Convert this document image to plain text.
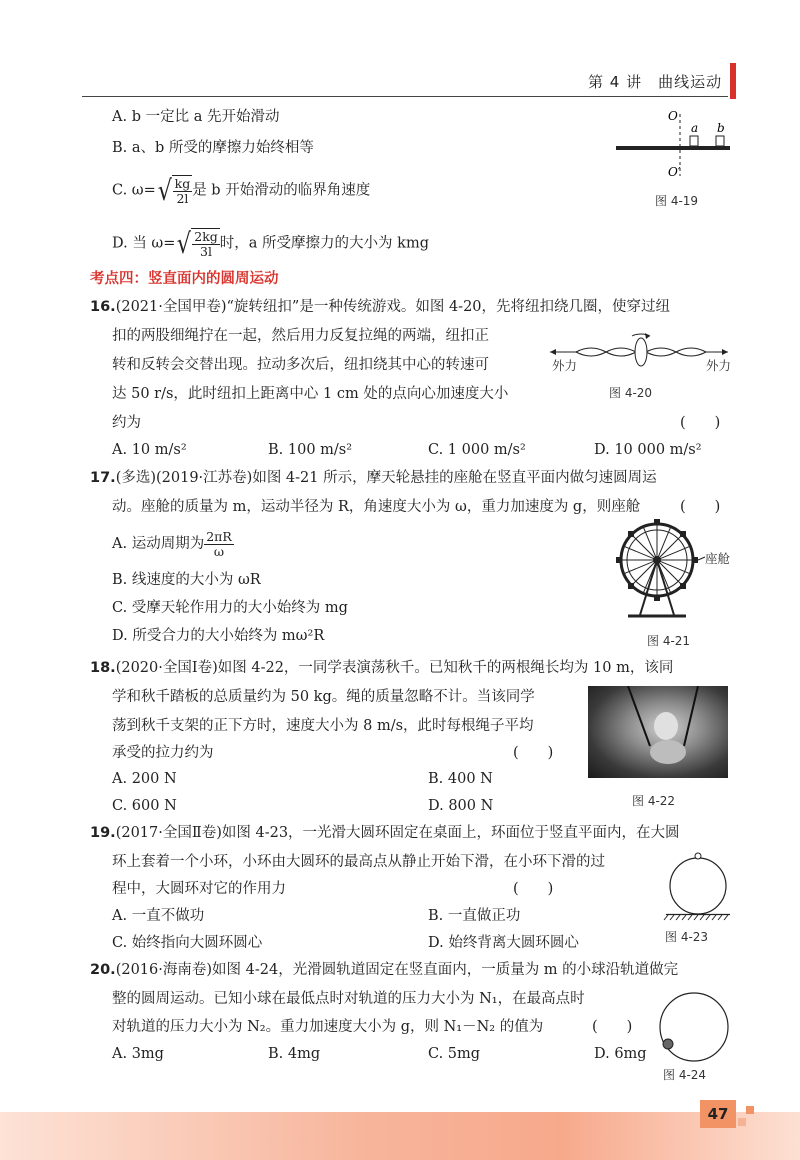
第 4 讲　曲线运动
A. b 一定比 a 先开始滑动
B. a、b 所受的摩擦力始终相等
C. $\omega=√ \frac{kg}{2l}$ 是 b 开始滑动的临界角速度
D. 当 $\omega=√ \frac{2kg}{3l}$ 时，a 所受摩擦力的大小为 kmg
O
O′
a b
图 4-19
考点四：竖直面内的圆周运动
16.(2021·全国甲卷)“旋转纽扣”是一种传统游戏。如图 4-20，先将纽扣绕几圈，使穿过纽
扣的两股细绳拧在一起，然后用力反复拉绳的两端，纽扣正
转和反转会交替出现。拉动多次后，纽扣绕其中心的转速可
达 50 r/s，此时纽扣上距离中心 1 cm 处的点向心加速度大小
约为	(　　)
A. 10 m/s²	B. 100 m/s²	C. 1 000 m/s²	D. 10 000 m/s²
外力	外力
图 4-20
17.(多选)(2019·江苏卷)如图 4-21 所示，摩天轮悬挂的座舱在竖直平面内做匀速圆周运
动。座舱的质量为 m，运动半径为 R，角速度大小为 ω，重力加速度为 g，则座舱	(　　)
A. 运动周期为 $\frac{2\pi R}{\omega}$
B. 线速度的大小为 ωR
C. 受摩天轮作用力的大小始终为 mg
D. 所受合力的大小始终为 mω²R
座舱
图 4-21
18.(2020·全国Ⅰ卷)如图 4-22，一同学表演荡秋千。已知秋千的两根绳长均为 10 m，该同
学和秋千踏板的总质量约为 50 kg。绳的质量忽略不计。当该同学
荡到秋千支架的正下方时，速度大小为 8 m/s，此时每根绳子平均
承受的拉力约为	(　　)
A. 200 N	B. 400 N
C. 600 N	D. 800 N	图 4-22
19.(2017·全国Ⅱ卷)如图 4-23，一光滑大圆环固定在桌面上，环面位于竖直平面内，在大圆
环上套着一个小环，小环由大圆环的最高点从静止开始下滑，在小环下滑的过
程中，大圆环对它的作用力	(　　)
A. 一直不做功	B. 一直做正功
C. 始终指向大圆环圆心	D. 始终背离大圆环圆心	图 4-23
20.(2016·海南卷)如图 4-24，光滑圆轨道固定在竖直面内，一质量为 m 的小球沿轨道做完
整的圆周运动。已知小球在最低点时对轨道的压力大小为 N₁，在最高点时
对轨道的压力大小为 N₂。重力加速度大小为 g，则 N₁－N₂ 的值为	(　　)
A. 3mg	B. 4mg	C. 5mg	D. 6mg
图 4-24
47
